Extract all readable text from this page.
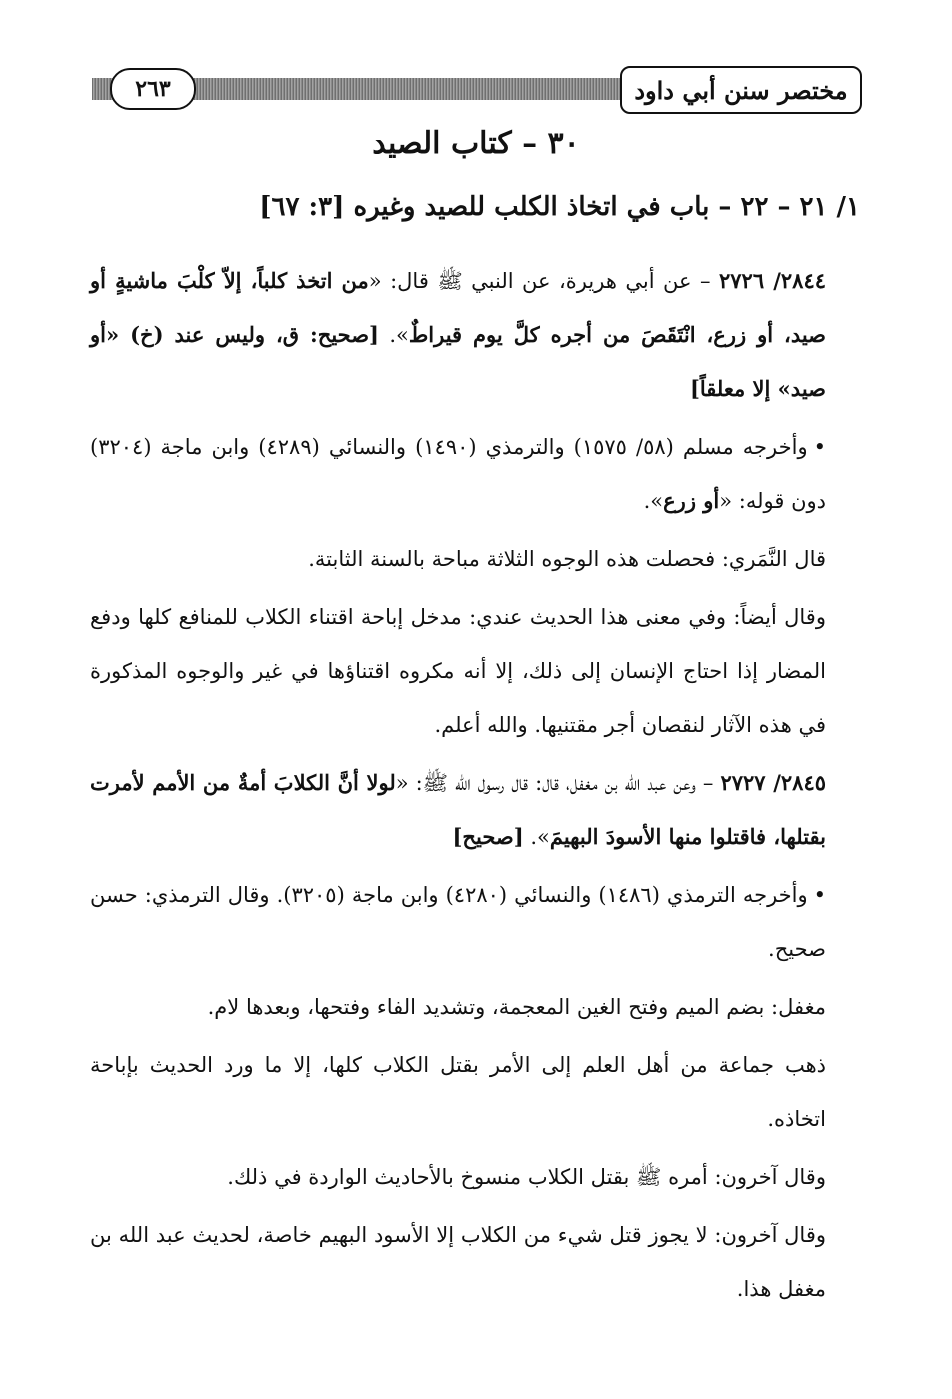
٢٦٣	مختصر سنن أبي داود
٣٠ – كتاب الصيد
١/ ٢١ – ٢٢ – باب في اتخاذ الكلب للصيد وغيره [٣: ٦٧]

٢٨٤٤/ ٢٧٢٦ – عن أبي هريرة، عن النبي ﷺ قال: «من اتخذ كلباً، إلاّ كلْبَ ماشيةٍ أو صيد، أو زرع، انْتَقَصَ من أجره كلَّ يوم قيراطٌ». [صحيح: ق، وليس عند (خ) «أو صيد» إلا معلقاً]

•وأخرجه مسلم (٥٨/ ١٥٧٥) والترمذي (١٤٩٠) والنسائي (٤٢٨٩) وابن ماجة (٣٢٠٤) دون قوله: «أو زرع».

قال النَّمَري: فحصلت هذه الوجوه الثلاثة مباحة بالسنة الثابتة.

وقال أيضاً: وفي معنى هذا الحديث عندي: مدخل إباحة اقتناء الكلاب للمنافع كلها ودفع المضار إذا احتاج الإنسان إلى ذلك، إلا أنه مكروه اقتناؤها في غير والوجوه المذكورة في هذه الآثار لنقصان أجر مقتنيها. والله أعلم.

٢٨٤٥/ ٢٧٢٧ – وعن عبد الله بن مغفل، قال: قال رسول الله ﷺ: «لولا أنَّ الكلابَ أمةٌ من الأمم لأمرت بقتلها، فاقتلوا منها الأسودَ البهيمَ». [صحيح]

•وأخرجه الترمذي (١٤٨٦) والنسائي (٤٢٨٠) وابن ماجة (٣٢٠٥). وقال الترمذي: حسن صحيح.

مغفل: بضم الميم وفتح الغين المعجمة، وتشديد الفاء وفتحها، وبعدها لام.

ذهب جماعة من أهل العلم إلى الأمر بقتل الكلاب كلها، إلا ما ورد الحديث بإباحة اتخاذه.

وقال آخرون: أمره ﷺ بقتل الكلاب منسوخ بالأحاديث الواردة في ذلك.

وقال آخرون: لا يجوز قتل شيء من الكلاب إلا الأسود البهيم خاصة، لحديث عبد الله بن مغفل هذا.
